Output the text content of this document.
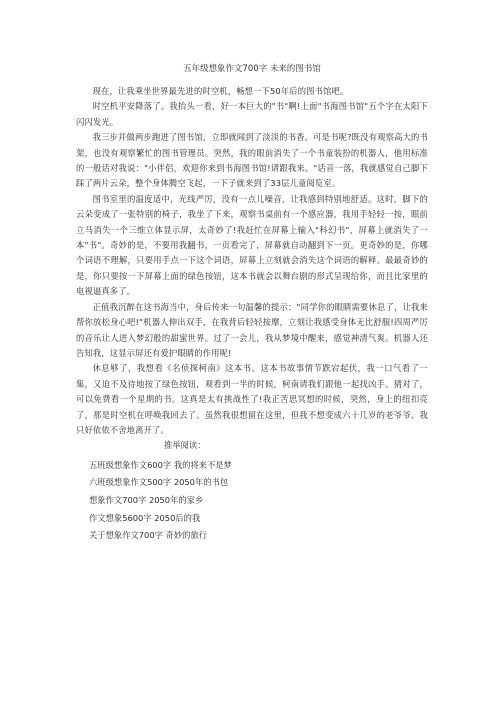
五年级想象作文700字 未来的图书馆

现在，让我乘坐世界最先进的时空机，畅想一下50年后的图书馆吧。

时空机平安降落了。我抬头一看，好一本巨大的"书"啊!上面"书海图书馆"五个字在太阳下闪闪发光。

我三步并做两步跑进了图书馆，立即就闻到了淡淡的书香。可是书呢?既没有观察高大的书架，也没有观察繁忙的图书管理员。突然，我的眼前消失了一个书童装扮的机器人，他用标准的一般话对我说："小伴侣，欢迎你来到书海图书馆!请跟我来。"话音一落，我就感觉自己脚下踩了两片云朵，整个身体腾空飞起，一下子就来到了33层儿童阅览室。

图书室里的温度适中，光线严厉，没有一点儿噪音，让我感到特别地舒适。这时，脚下的云朵变成了一张特别的椅子，我坐了下来，观察书桌前有一个感应器，我用手轻轻一按，眼前立马消失一个三维立体显示屏，太奇妙了!我赶忙在屏幕上输入"科幻书"，屏幕上就消失了一本"书"。奇妙的是，不要用我翻书，一页看完了，屏幕就自动翻到下一页。更奇妙的是，你哪个词语不理解，只要用手点一下这个词语，屏幕上立刻就会消失这个词语的解释。最最奇妙的是，你只要按一下屏幕上面的绿色按钮，这本书就会以舞台剧的形式呈现给你，而且比家里的电视逼真多了。

正值我沉醉在这书海当中，身后传来一句温馨的提示："同学你的眼睛需要休息了，让我来帮你放松身心吧!"机器人伸出双手，在我背后轻轻按摩，立刻让我感受身体无比舒服!四周严厉的音乐让人进入梦幻般的甜蜜世界。过了一会儿，我从梦境中醒来，感觉神清气爽。机器人还告知我，这显示屏还有爱护眼睛的作用呢!

休息够了，我想看《名侦探柯南》这本书。这本书故事情节跌宕起伏，我一口气看了一集，又迫不及待地按了绿色按钮，观看到一半的时候，柯南请我们跟他一起找凶手。猜对了，可以免费看一个星期的书。这真是太有挑战性了!我正苦思冥想的时候，突然，身上的纽扣亮了，那是时空机在呼唤我回去了。虽然我很想留在这里，但我不想变成六十几岁的老爷爷。我只好依依不舍地离开了。

推举阅读：
五班级想象作文600字 我的将来不是梦
六班级想象作文500字 2050年的书包
想象作文700字 2050年的家乡
作文想象5600字 2050后的我
关于想象作文700字 奇妙的旅行
